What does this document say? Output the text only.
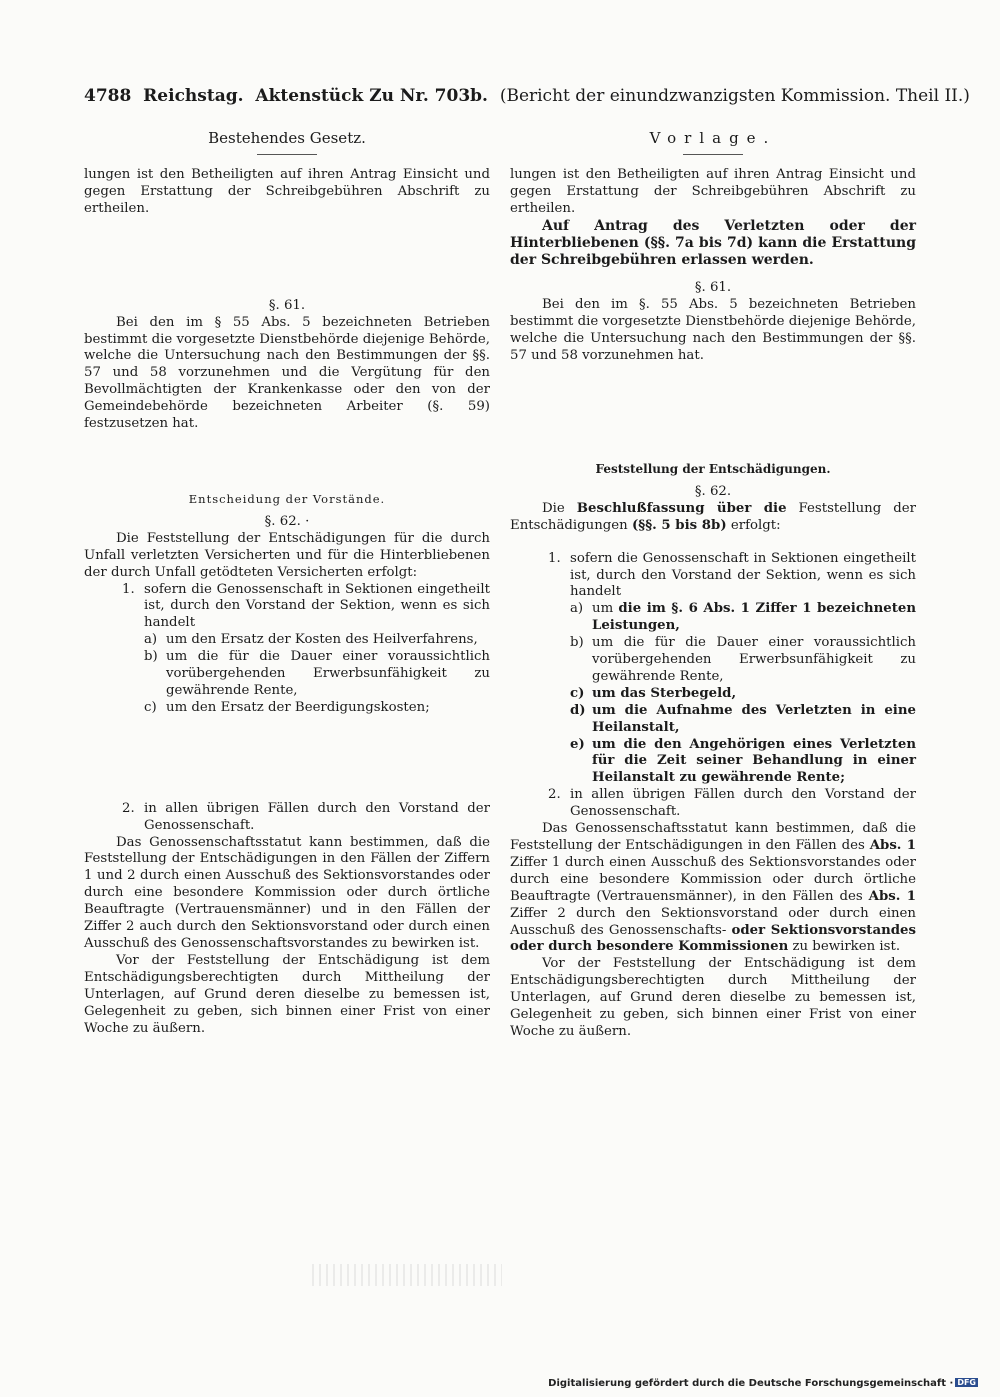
4788 Reichstag. Aktenstück Zu Nr. 703b. (Bericht der einundzwanzigsten Kommission. Theil II.)
Bestehendes Gesetz.

lungen ist den Betheiligten auf ihren Antrag Einsicht und gegen Erstattung der Schreibgebühren Abschrift zu ertheilen.

§. 61.

Bei den im § 55 Abs. 5 bezeichneten Betrieben bestimmt die vorgesetzte Dienstbehörde diejenige Behörde, welche die Untersuchung nach den Bestimmungen der §§. 57 und 58 vorzunehmen und die Vergütung für den Bevollmächtigten der Krankenkasse oder den von der Gemeindebehörde bezeichneten Arbeiter (§. 59) festzusetzen hat.

Entscheidung der Vorstände.
§. 62. ·

Die Feststellung der Entschädigungen für die durch Unfall verletzten Versicherten und für die Hinterbliebenen der durch Unfall getödteten Versicherten erfolgt:

1. sofern die Genossenschaft in Sektionen eingetheilt ist, durch den Vorstand der Sektion, wenn es sich handelt
a) um den Ersatz der Kosten des Heilverfahrens,
b) um die für die Dauer einer voraussichtlich vorübergehenden Erwerbsunfähigkeit zu gewährende Rente,
c) um den Ersatz der Beerdigungskosten;
2. in allen übrigen Fällen durch den Vorstand der Genossenschaft.

Das Genossenschaftsstatut kann bestimmen, daß die Feststellung der Entschädigungen in den Fällen der Ziffern 1 und 2 durch einen Ausschuß des Sektionsvorstandes oder durch eine besondere Kommission oder durch örtliche Beauftragte (Vertrauensmänner) und in den Fällen der Ziffer 2 auch durch den Sektionsvorstand oder durch einen Ausschuß des Genossenschaftsvorstandes zu bewirken ist.

Vor der Feststellung der Entschädigung ist dem Entschädigungsberechtigten durch Mittheilung der Unterlagen, auf Grund deren dieselbe zu bemessen ist, Gelegenheit zu geben, sich binnen einer Frist von einer Woche zu äußern.

Vorlage.

lungen ist den Betheiligten auf ihren Antrag Einsicht und gegen Erstattung der Schreibgebühren Abschrift zu ertheilen.

Auf Antrag des Verletzten oder der Hinterbliebenen (§§. 7a bis 7d) kann die Erstattung der Schreibgebühren erlassen werden.

§. 61.

Bei den im §. 55 Abs. 5 bezeichneten Betrieben bestimmt die vorgesetzte Dienstbehörde diejenige Behörde, welche die Untersuchung nach den Bestimmungen der §§. 57 und 58 vorzunehmen hat.

Feststellung der Entschädigungen.
§. 62.

Die Beschlußfassung über die Feststellung der Entschädigungen (§§. 5 bis 8b) erfolgt:

1. sofern die Genossenschaft in Sektionen eingetheilt ist, durch den Vorstand der Sektion, wenn es sich handelt
a) um die im §. 6 Abs. 1 Ziffer 1 bezeichneten Leistungen,
b) um die für die Dauer einer voraussichtlich vorübergehenden Erwerbsunfähigkeit zu gewährende Rente,
c) um das Sterbegeld,
d) um die Aufnahme des Verletzten in eine Heilanstalt,
e) um die den Angehörigen eines Verletzten für die Zeit seiner Behandlung in einer Heilanstalt zu gewährende Rente;
2. in allen übrigen Fällen durch den Vorstand der Genossenschaft.

Das Genossenschaftsstatut kann bestimmen, daß die Feststellung der Entschädigungen in den Fällen des Abs. 1 Ziffer 1 durch einen Ausschuß des Sektionsvorstandes oder durch eine besondere Kommission oder durch örtliche Beauftragte (Vertrauensmänner), in den Fällen des Abs. 1 Ziffer 2 durch den Sektionsvorstand oder durch einen Ausschuß des Genossenschafts- oder Sektionsvorstandes oder durch besondere Kommissionen zu bewirken ist.

Vor der Feststellung der Entschädigung ist dem Entschädigungsberechtigten durch Mittheilung der Unterlagen, auf Grund deren dieselbe zu bemessen ist, Gelegenheit zu geben, sich binnen einer Frist von einer Woche zu äußern.

Digitalisierung gefördert durch die Deutsche Forschungsgemeinschaft · DFG
